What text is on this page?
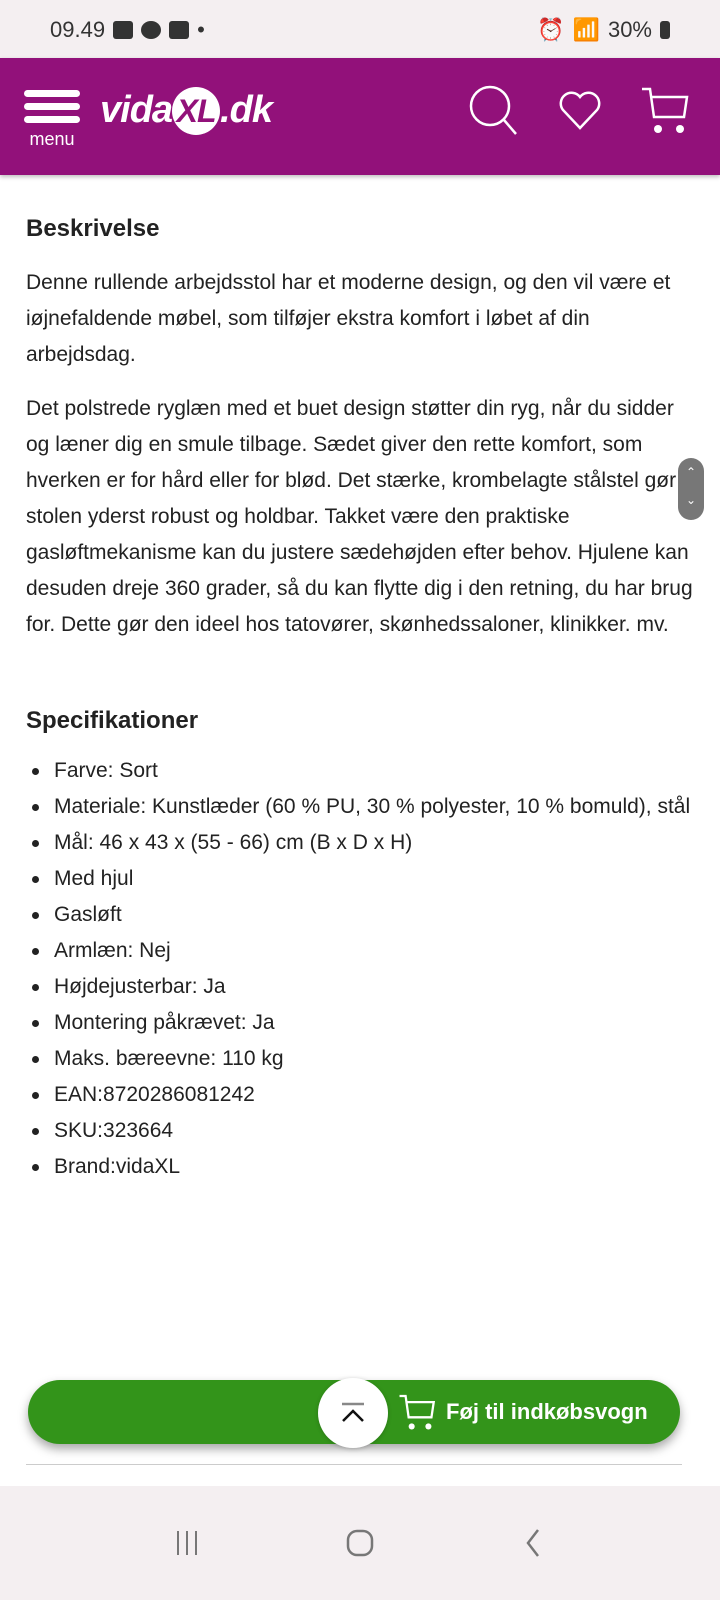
09.49	•	⏰ 📶 30%
menu
vida XL .dk
Beskrivelse

Denne rullende arbejdsstol har et moderne design, og den vil være et iøjnefaldende møbel, som tilføjer ekstra komfort i løbet af din arbejdsdag.

Det polstrede ryglæn med et buet design støtter din ryg, når du sidder og læner dig en smule tilbage. Sædet giver den rette komfort, som hverken er for hård eller for blød. Det stærke, krombelagte stålstel gør stolen yderst robust og holdbar. Takket være den praktiske gasløftmekanisme kan du justere sædehøjden efter behov. Hjulene kan desuden dreje 360 grader, så du kan flytte dig i den retning, du har brug for. Dette gør den ideel hos tatovører, skønhedssaloner, klinikker. mv.

Specifikationer
Farve: Sort
Materiale: Kunstlæder (60 % PU, 30 % polyester, 10 % bomuld), stål
Mål: 46 x 43 x (55 - 66) cm (B x D x H)
Med hjul
Gasløft
Armlæn: Nej
Højdejusterbar: Ja
Montering påkrævet: Ja
Maks. bæreevne: 110 kg
EAN:8720286081242
SKU:323664
Brand:vidaXL
⌃
⌄
Føj til indkøbsvogn
